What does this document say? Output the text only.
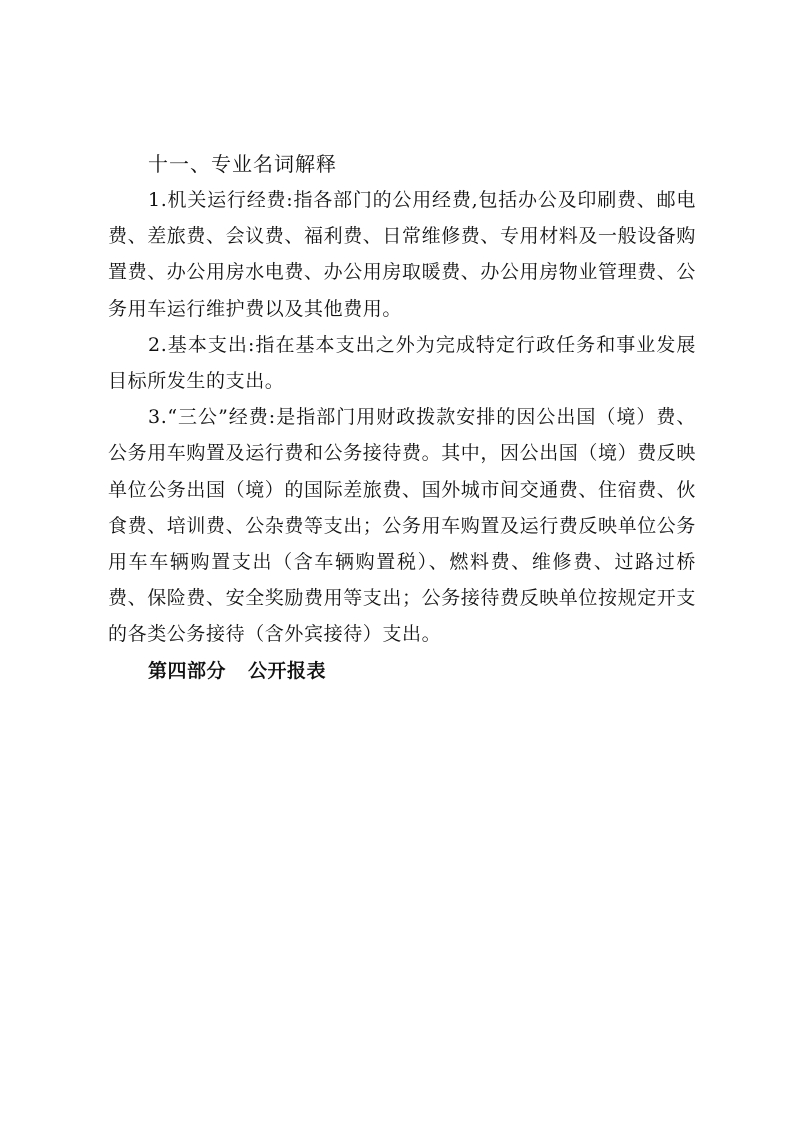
十一、专业名词解释

1.机关运行经费:指各部门的公用经费,包括办公及印刷费、邮电费、差旅费、会议费、福利费、日常维修费、专用材料及一般设备购置费、办公用房水电费、办公用房取暖费、办公用房物业管理费、公务用车运行维护费以及其他费用。

2.基本支出:指在基本支出之外为完成特定行政任务和事业发展目标所发生的支出。

3.“三公”经费:是指部门用财政拨款安排的因公出国（境）费、公务用车购置及运行费和公务接待费。其中，因公出国（境）费反映单位公务出国（境）的国际差旅费、国外城市间交通费、住宿费、伙食费、培训费、公杂费等支出；公务用车购置及运行费反映单位公务用车车辆购置支出（含车辆购置税）、燃料费、维修费、过路过桥费、保险费、安全奖励费用等支出；公务接待费反映单位按规定开支的各类公务接待（含外宾接待）支出。

第四部分 公开报表
